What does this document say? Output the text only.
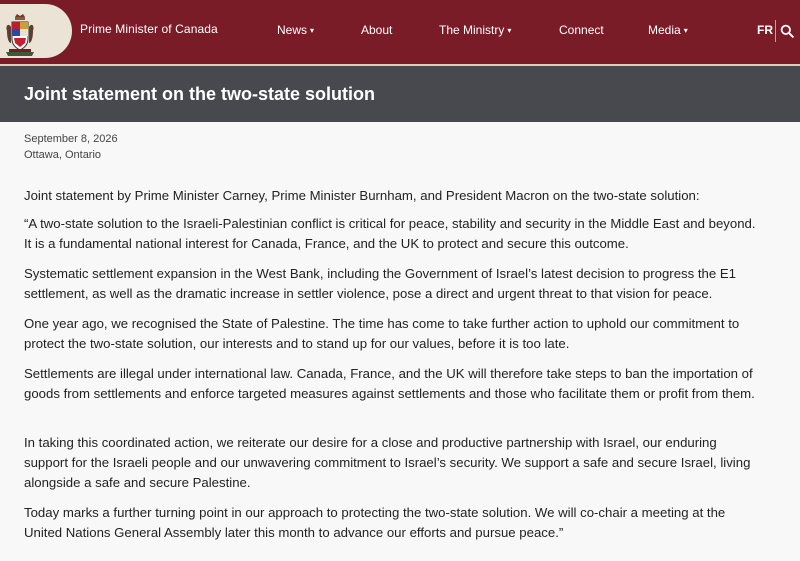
Prime Minister of Canada	News ▾	About	The Ministry ▾	Connect	Media ▾	FR
Joint statement on the two-state solution
September 8, 2026
Ottawa, Ontario

Joint statement by Prime Minister Carney, Prime Minister Burnham, and President Macron on the two-state solution:

“A two-state solution to the Israeli-Palestinian conflict is critical for peace, stability and security in the Middle East and beyond. It is a fundamental national interest for Canada, France, and the UK to protect and secure this outcome.

Systematic settlement expansion in the West Bank, including the Government of Israel’s latest decision to progress the E1 settlement, as well as the dramatic increase in settler violence, pose a direct and urgent threat to that vision for peace.

One year ago, we recognised the State of Palestine. The time has come to take further action to uphold our commitment to protect the two-state solution, our interests and to stand up for our values, before it is too late.

Settlements are illegal under international law. Canada, France, and the UK will therefore take steps to ban the importation of goods from settlements and enforce targeted measures against settlements and those who facilitate them or profit from them.

In taking this coordinated action, we reiterate our desire for a close and productive partnership with Israel, our enduring support for the Israeli people and our unwavering commitment to Israel’s security. We support a safe and secure Israel, living alongside a safe and secure Palestine.

Today marks a further turning point in our approach to protecting the two-state solution. We will co-chair a meeting at the United Nations General Assembly later this month to advance our efforts and pursue peace.”
